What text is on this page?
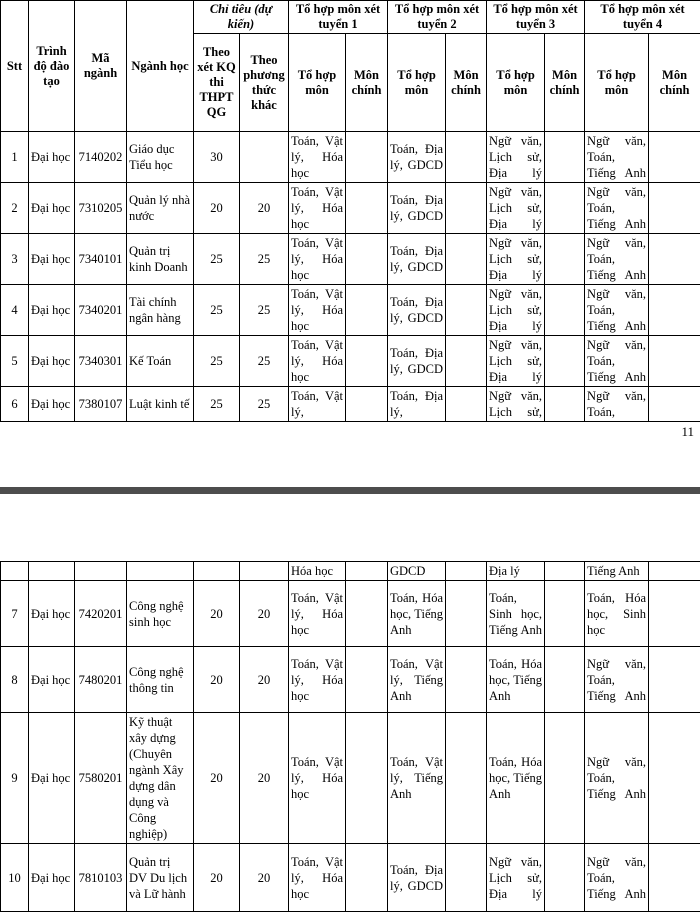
Stt	Trình độ đào tạo	Mã ngành	Ngành học	Chỉ tiêu (dự kiến)		Tổ hợp môn xét tuyển 1		Tổ hợp môn xét tuyển 2		Tổ hợp môn xét tuyển 3		Tổ hợp môn xét tuyển 4	
				Theo xét KQ thi THPT QG	Theo phương thức khác	Tổ hợp môn	Môn chính	Tổ hợp môn	Môn chính	Tổ hợp môn	Môn chính	Tổ hợp môn	Môn chính
1	Đại học	7140202	Giáo dục Tiểu học	30		Toán, Vật lý, Hóa học		Toán, Địa lý, GDCD		Ngữ văn, Lịch sử, Địa lý		Ngữ văn, Toán, Tiếng Anh	
2	Đại học	7310205	Quản lý nhà nước	20	20	Toán, Vật lý, Hóa học		Toán, Địa lý, GDCD		Ngữ văn, Lịch sử, Địa lý		Ngữ văn, Toán, Tiếng Anh	
3	Đại học	7340101	Quản trị kinh Doanh	25	25	Toán, Vật lý, Hóa học		Toán, Địa lý, GDCD		Ngữ văn, Lịch sử, Địa lý		Ngữ văn, Toán, Tiếng Anh	
4	Đại học	7340201	Tài chính ngân hàng	25	25	Toán, Vật lý, Hóa học		Toán, Địa lý, GDCD		Ngữ văn, Lịch sử, Địa lý		Ngữ văn, Toán, Tiếng Anh	
5	Đại học	7340301	Kế Toán	25	25	Toán, Vật lý, Hóa học		Toán, Địa lý, GDCD		Ngữ văn, Lịch sử, Địa lý		Ngữ văn, Toán, Tiếng Anh	
6	Đại học	7380107	Luật kinh tế	25	25	Toán, Vật lý,		Toán, Địa lý,		Ngữ văn, Lịch sử,		Ngữ văn, Toán,	
11
						Hóa học		GDCD		Địa lý		Tiếng Anh	
7	Đại học	7420201	Công nghệ sinh học	20	20	Toán, Vật lý, Hóa học		Toán, Hóa học, Tiếng Anh		Toán, Sinh học, Tiếng Anh		Toán, Hóa học, Sinh học	
8	Đại học	7480201	Công nghệ thông tin	20	20	Toán, Vật lý, Hóa học		Toán, Vật lý, Tiếng Anh		Toán, Hóa học, Tiếng Anh		Ngữ văn, Toán, Tiếng Anh	
9	Đại học	7580201	Kỹ thuật xây dựng (Chuyên ngành Xây dựng dân dụng và Công nghiệp)	20	20	Toán, Vật lý, Hóa học		Toán, Vật lý, Tiếng Anh		Toán, Hóa học, Tiếng Anh		Ngữ văn, Toán, Tiếng Anh	
10	Đại học	7810103	Quản trị DV Du lịch và Lữ hành	20	20	Toán, Vật lý, Hóa học		Toán, Địa lý, GDCD		Ngữ văn, Lịch sử, Địa lý		Ngữ văn, Toán, Tiếng Anh	
